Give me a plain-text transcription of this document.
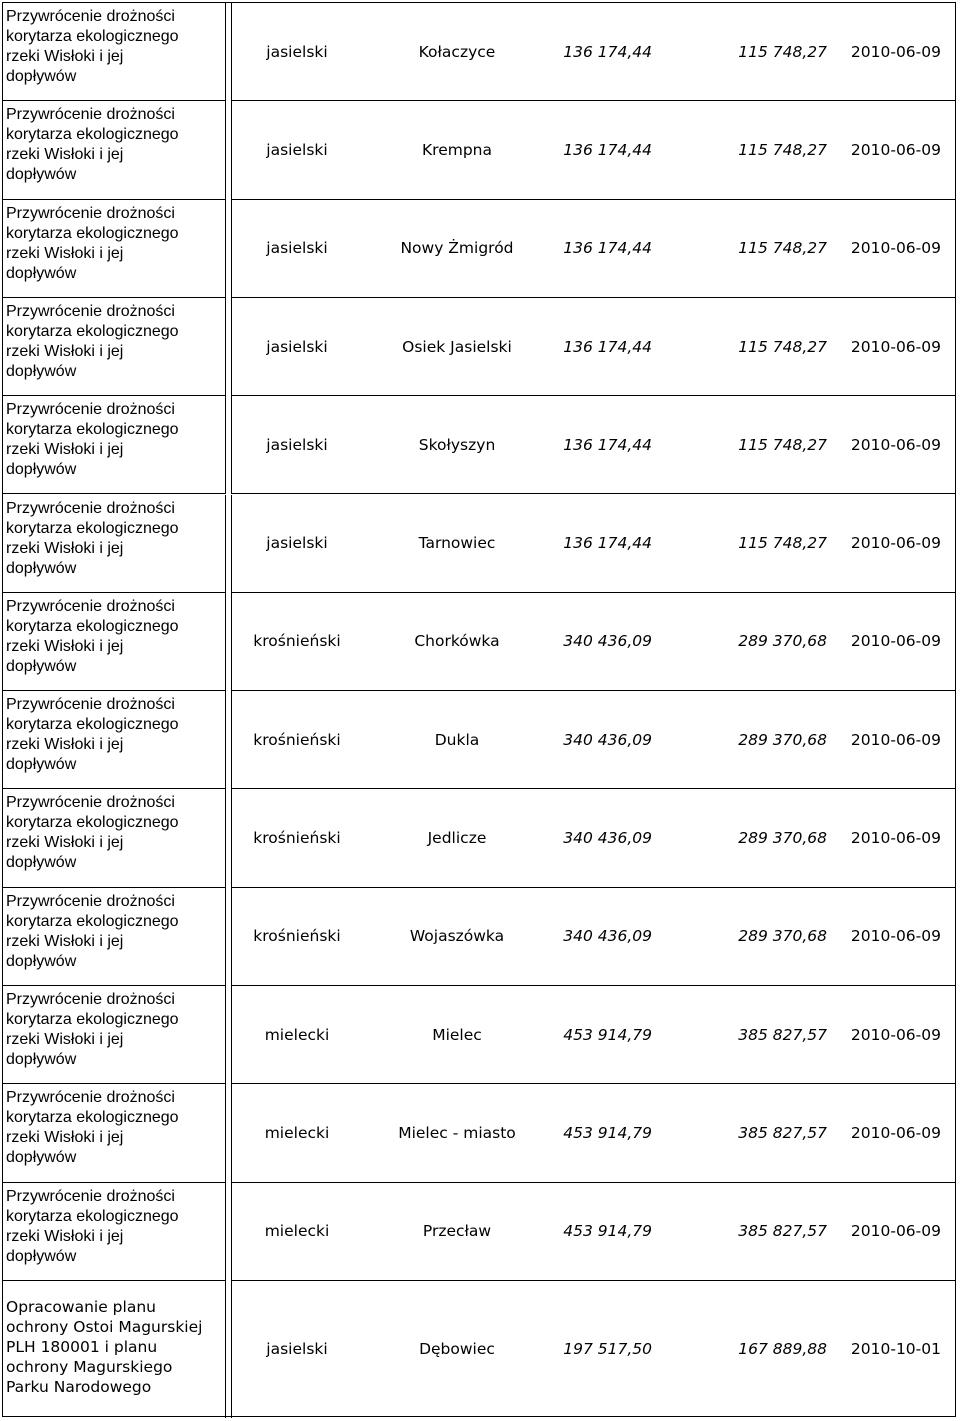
Przywrócenie drożności
korytarza ekologicznego
rzeki Wisłoki i jej
dopływów
jasielski	Kołaczyce	136 174,44	115 748,27 2010-06-09
Przywrócenie drożności
korytarza ekologicznego
rzeki Wisłoki i jej
dopływów
jasielski	Krempna	136 174,44	115 748,27 2010-06-09
Przywrócenie drożności
korytarza ekologicznego
rzeki Wisłoki i jej
dopływów
jasielski	Nowy Żmigród	136 174,44	115 748,27 2010-06-09
Przywrócenie drożności
korytarza ekologicznego
rzeki Wisłoki i jej
dopływów
jasielski	Osiek Jasielski	136 174,44	115 748,27 2010-06-09
Przywrócenie drożności
korytarza ekologicznego
rzeki Wisłoki i jej
dopływów
jasielski	Skołyszyn	136 174,44	115 748,27 2010-06-09
Przywrócenie drożności
korytarza ekologicznego
rzeki Wisłoki i jej
dopływów
jasielski	Tarnowiec	136 174,44	115 748,27 2010-06-09
Przywrócenie drożności
korytarza ekologicznego
rzeki Wisłoki i jej
dopływów
krośnieński	Chorkówka	340 436,09	289 370,68 2010-06-09
Przywrócenie drożności
korytarza ekologicznego
rzeki Wisłoki i jej
dopływów
krośnieński	Dukla	340 436,09	289 370,68 2010-06-09
Przywrócenie drożności
korytarza ekologicznego
rzeki Wisłoki i jej
dopływów
krośnieński	Jedlicze	340 436,09	289 370,68 2010-06-09
Przywrócenie drożności
korytarza ekologicznego
rzeki Wisłoki i jej
dopływów
krośnieński	Wojaszówka	340 436,09	289 370,68 2010-06-09
Przywrócenie drożności
korytarza ekologicznego
rzeki Wisłoki i jej
dopływów
mielecki	Mielec	453 914,79	385 827,57 2010-06-09
Przywrócenie drożności
korytarza ekologicznego
rzeki Wisłoki i jej
dopływów
mielecki	Mielec - miasto	453 914,79	385 827,57 2010-06-09
Przywrócenie drożności
korytarza ekologicznego
rzeki Wisłoki i jej
dopływów
mielecki	Przecław	453 914,79	385 827,57 2010-06-09
Opracowanie planu
ochrony Ostoi Magurskiej
PLH 180001 i planu
ochrony Magurskiego
Parku Narodowego
jasielski	Dębowiec	197 517,50	167 889,88 2010-10-01
